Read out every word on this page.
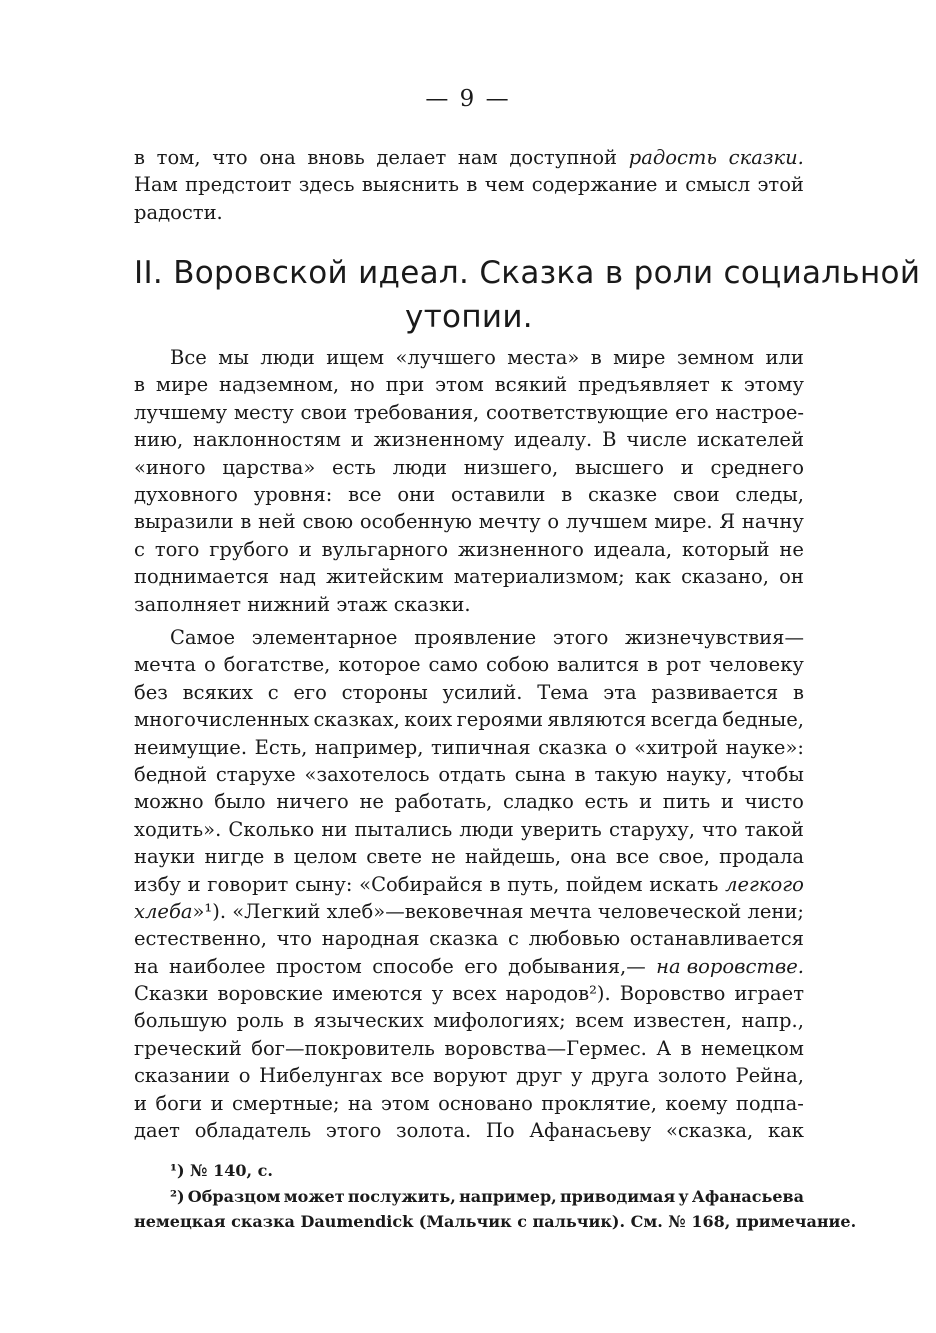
— 9 —
в том, что она вновь делает нам доступной радость сказки.
Нам предстоит здесь выяснить в чем содержание и смысл этой
радости.
II. Воровской идеал. Сказка в роли социальной
утопии.
Все мы люди ищем «лучшего места» в мире земном или
в мире надземном, но при этом всякий предъявляет к этому
лучшему месту свои требования, соответствующие его настрое-
нию, наклонностям и жизненному идеалу. В числе искателей
«иного царства» есть люди низшего, высшего и среднего
духовного уровня: все они оставили в сказке свои следы,
выразили в ней свою особенную мечту о лучшем мире. Я начну
с того грубого и вульгарного жизненного идеала, который не
поднимается над житейским материализмом; как сказано, он
заполняет нижний этаж сказки.
Самое элементарное проявление этого жизнечувствия—
мечта о богатстве, которое само собою валится в рот человеку
без всяких с его стороны усилий. Тема эта развивается в
многочисленных сказках, коих героями являются всегда бедные,
неимущие. Есть, например, типичная сказка о «хитрой науке»:
бедной старухе «захотелось отдать сына в такую науку, чтобы
можно было ничего не работать, сладко есть и пить и чисто
ходить». Сколько ни пытались люди уверить старуху, что такой
науки нигде в целом свете не найдешь, она все свое, продала
избу и говорит сыну: «Собирайся в путь, пойдем искать легкого
хлеба»¹). «Легкий хлеб»—вековечная мечта человеческой лени;
естественно, что народная сказка с любовью останавливается
на наиболее простом способе его добывания,— на воровстве.
Сказки воровские имеются у всех народов²). Воровство играет
большую роль в языческих мифологиях; всем известен, напр.,
греческий бог—покровитель воровства—Гермес. А в немецком
сказании о Нибелунгах все воруют друг у друга золото Рейна,
и боги и смертные; на этом основано проклятие, коему подпа-
дает обладатель этого золота. По Афанасьеву «сказка, как
¹) № 140, с.
²) Образцом может послужить, например, приводимая у Афанасьева
немецкая сказка Daumendick (Мальчик с пальчик). См. № 168, примечание.
